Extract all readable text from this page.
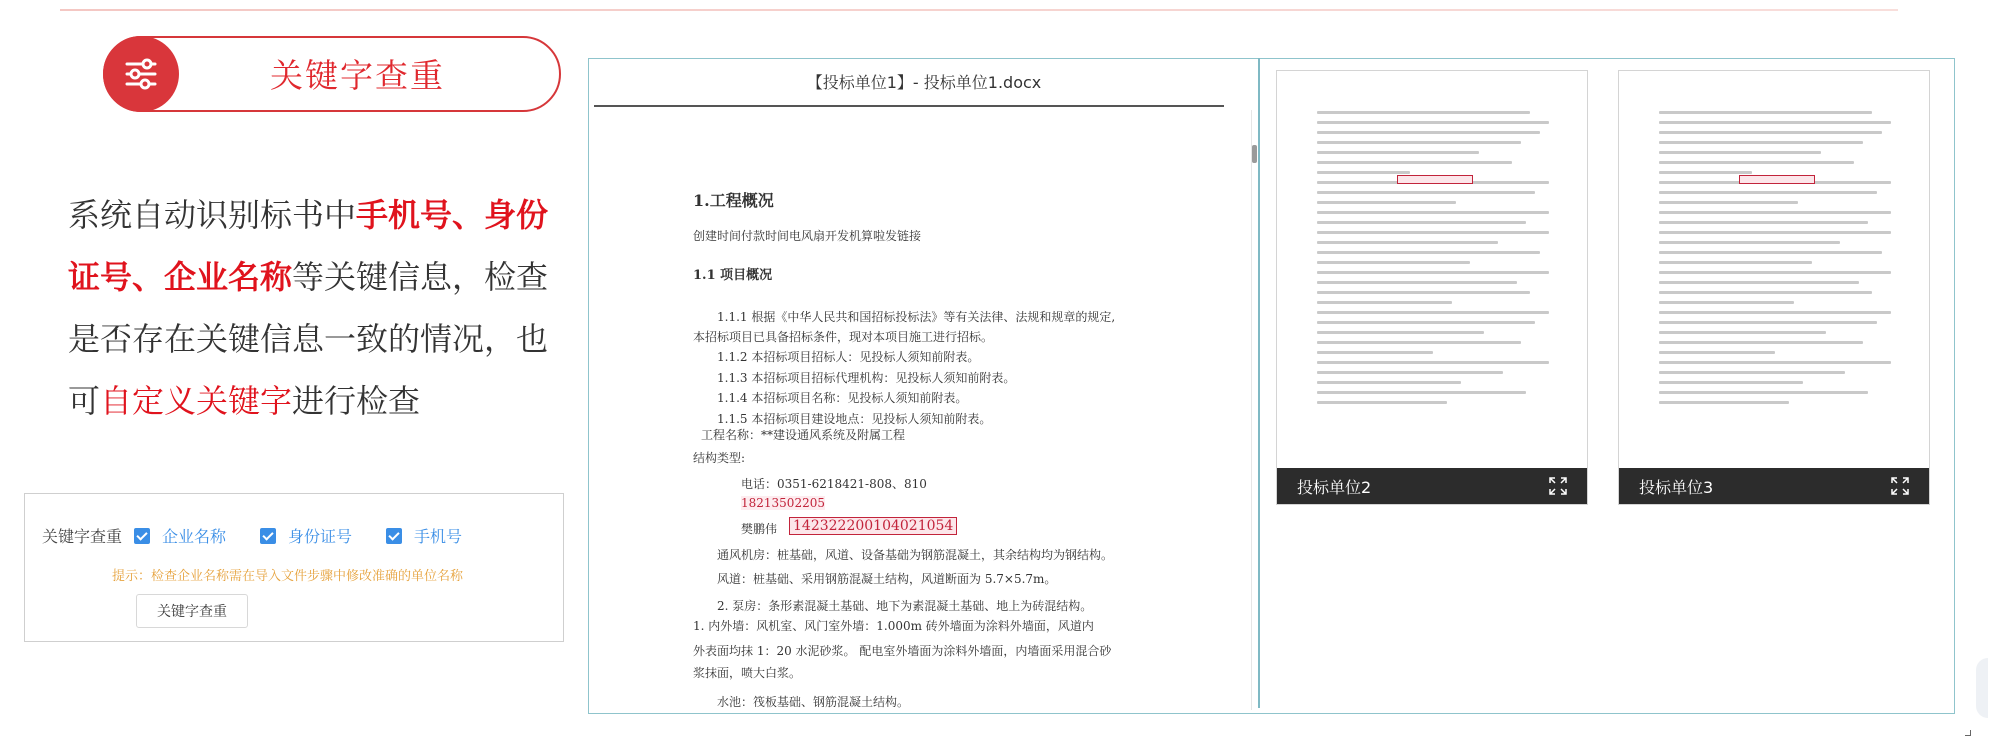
关键字查重
系统自动识别标书中手机号、身份证号、企业名称等关键信息，检查是否存在关键信息一致的情况，也可自定义关键字进行检查
关键字查重	企业名称	身份证号	手机号
提示：检查企业名称需在导入文件步骤中修改准确的单位名称
关键字查重
【投标单位1】- 投标单位1.docx
1.工程概况
创建时间付款时间电风扇开发机算啦发链接
1.1 项目概况
1.1.1 根据《中华人民共和国招标投标法》等有关法律、法规和规章的规定,
本招标项目已具备招标条件，现对本项目施工进行招标。
1.1.2 本招标项目招标人：见投标人须知前附表。
1.1.3 本招标项目招标代理机构：见投标人须知前附表。
1.1.4 本招标项目名称：见投标人须知前附表。
1.1.5 本招标项目建设地点：见投标人须知前附表。
工程名称：**建设通风系统及附属工程
结构类型:
电话：0351-6218421-808、810
18213502205
樊鹏伟 142322200104021054
通风机房：桩基础，风道、设备基础为钢筋混凝土，其余结构均为钢结构。
风道：桩基础、采用钢筋混凝土结构，风道断面为 5.7×5.7m。
2. 泵房：条形素混凝土基础、地下为素混凝土基础、地上为砖混结构。
1. 内外墙：风机室、风门室外墙：1.000m 砖外墙面为涂料外墙面，风道内
外表面均抹 1：20 水泥砂浆。 配电室外墙面为涂料外墙面，内墙面采用混合砂
浆抹面，喷大白浆。
水池：筏板基础、钢筋混凝土结构。
投标单位2	投标单位3
